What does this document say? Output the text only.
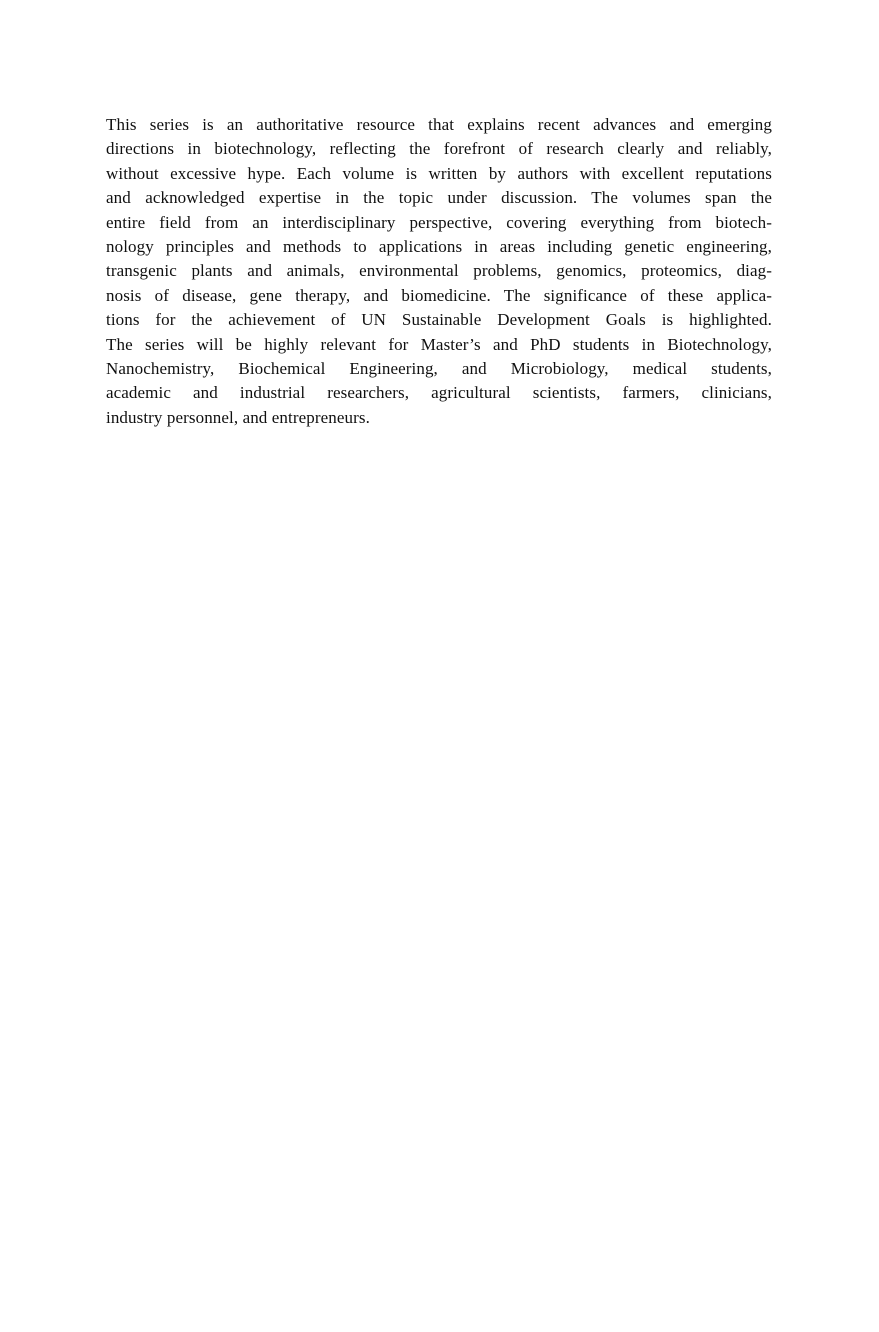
This series is an authoritative resource that explains recent advances and emerging
directions in biotechnology, reflecting the forefront of research clearly and reliably,
without excessive hype. Each volume is written by authors with excellent reputations
and acknowledged expertise in the topic under discussion. The volumes span the
entire field from an interdisciplinary perspective, covering everything from biotech-
nology principles and methods to applications in areas including genetic engineering,
transgenic plants and animals, environmental problems, genomics, proteomics, diag-
nosis of disease, gene therapy, and biomedicine. The significance of these applica-
tions for the achievement of UN Sustainable Development Goals is highlighted.
The series will be highly relevant for Master’s and PhD students in Biotechnology,
Nanochemistry, Biochemical Engineering, and Microbiology, medical students,
academic and industrial researchers, agricultural scientists, farmers, clinicians,
industry personnel, and entrepreneurs.
